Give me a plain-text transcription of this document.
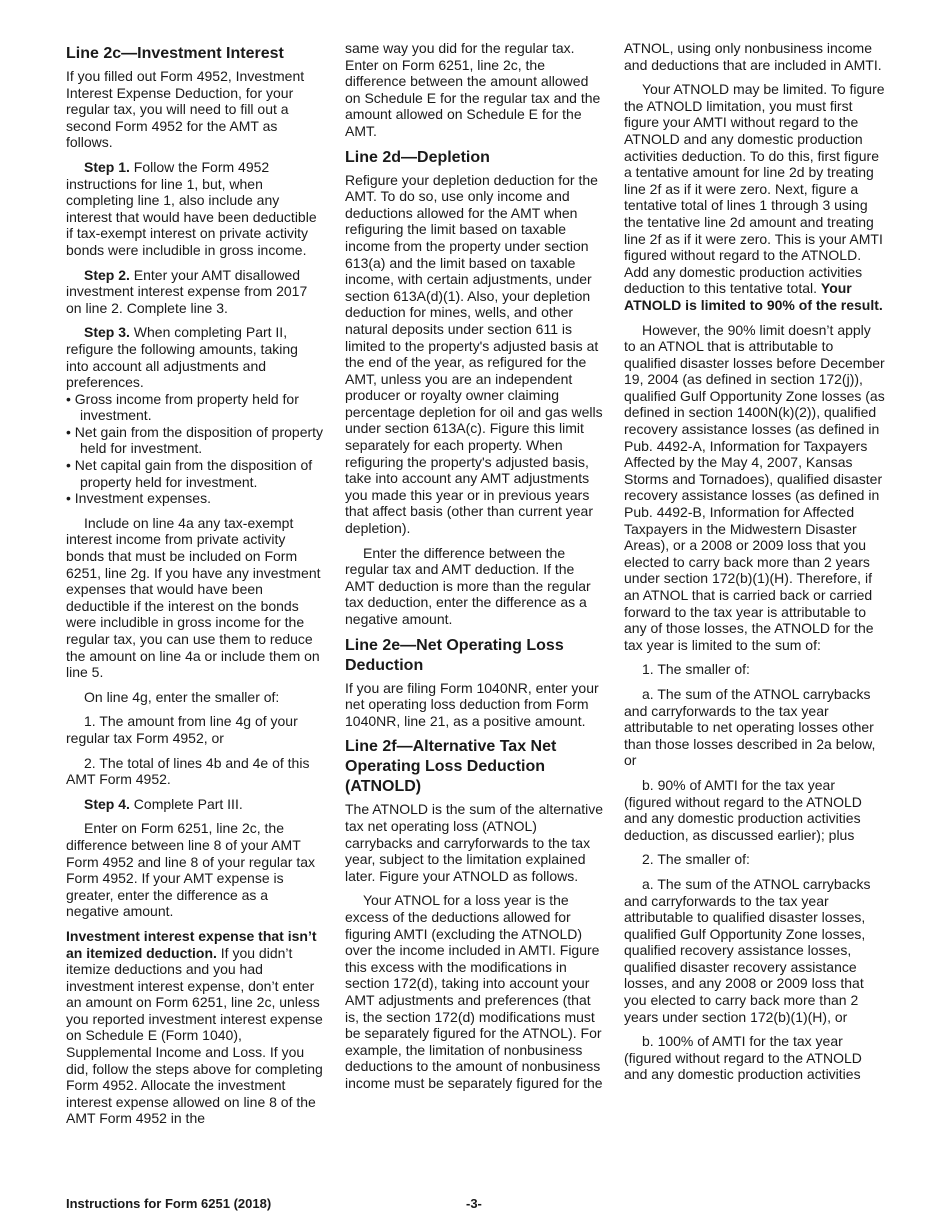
Line 2c—Investment Interest

If you filled out Form 4952, Investment Interest Expense Deduction, for your regular tax, you will need to fill out a second Form 4952 for the AMT as follows.

Step 1. Follow the Form 4952 instructions for line 1, but, when completing line 1, also include any interest that would have been deductible if tax-exempt interest on private activity bonds were includible in gross income.

Step 2. Enter your AMT disallowed investment interest expense from 2017 on line 2. Complete line 3.

Step 3. When completing Part II, refigure the following amounts, taking into account all adjustments and preferences.

• Gross income from property held for investment.
• Net gain from the disposition of property held for investment.
• Net capital gain from the disposition of property held for investment.
• Investment expenses.

Include on line 4a any tax-exempt interest income from private activity bonds that must be included on Form 6251, line 2g. If you have any investment expenses that would have been deductible if the interest on the bonds were includible in gross income for the regular tax, you can use them to reduce the amount on line 4a or include them on line 5.

On line 4g, enter the smaller of:

1. The amount from line 4g of your regular tax Form 4952, or

2. The total of lines 4b and 4e of this AMT Form 4952.

Step 4. Complete Part III.

Enter on Form 6251, line 2c, the difference between line 8 of your AMT Form 4952 and line 8 of your regular tax Form 4952. If your AMT expense is greater, enter the difference as a negative amount.

Investment interest expense that isn’t an itemized deduction. If you didn’t itemize deductions and you had investment interest expense, don’t enter an amount on Form 6251, line 2c, unless you reported investment interest expense on Schedule E (Form 1040), Supplemental Income and Loss. If you did, follow the steps above for completing Form 4952. Allocate the investment interest expense allowed on line 8 of the AMT Form 4952 in the

same way you did for the regular tax. Enter on Form 6251, line 2c, the difference between the amount allowed on Schedule E for the regular tax and the amount allowed on Schedule E for the AMT.

Line 2d—Depletion

Refigure your depletion deduction for the AMT. To do so, use only income and deductions allowed for the AMT when refiguring the limit based on taxable income from the property under section 613(a) and the limit based on taxable income, with certain adjustments, under section 613A(d)(1). Also, your depletion deduction for mines, wells, and other natural deposits under section 611 is limited to the property's adjusted basis at the end of the year, as refigured for the AMT, unless you are an independent producer or royalty owner claiming percentage depletion for oil and gas wells under section 613A(c). Figure this limit separately for each property. When refiguring the property's adjusted basis, take into account any AMT adjustments you made this year or in previous years that affect basis (other than current year depletion).

Enter the difference between the regular tax and AMT deduction. If the AMT deduction is more than the regular tax deduction, enter the difference as a negative amount.

Line 2e—Net Operating Loss Deduction

If you are filing Form 1040NR, enter your net operating loss deduction from Form 1040NR, line 21, as a positive amount.

Line 2f—Alternative Tax Net Operating Loss Deduction (ATNOLD)

The ATNOLD is the sum of the alternative tax net operating loss (ATNOL) carrybacks and carryforwards to the tax year, subject to the limitation explained later. Figure your ATNOLD as follows.

Your ATNOL for a loss year is the excess of the deductions allowed for figuring AMTI (excluding the ATNOLD) over the income included in AMTI. Figure this excess with the modifications in section 172(d), taking into account your AMT adjustments and preferences (that is, the section 172(d) modifications must be separately figured for the ATNOL). For example, the limitation of nonbusiness deductions to the amount of nonbusiness income must be separately figured for the

ATNOL, using only nonbusiness income and deductions that are included in AMTI.

Your ATNOLD may be limited. To figure the ATNOLD limitation, you must first figure your AMTI without regard to the ATNOLD and any domestic production activities deduction. To do this, first figure a tentative amount for line 2d by treating line 2f as if it were zero. Next, figure a tentative total of lines 1 through 3 using the tentative line 2d amount and treating line 2f as if it were zero. This is your AMTI figured without regard to the ATNOLD. Add any domestic production activities deduction to this tentative total. Your ATNOLD is limited to 90% of the result.

However, the 90% limit doesn’t apply to an ATNOL that is attributable to qualified disaster losses before December 19, 2004 (as defined in section 172(j)), qualified Gulf Opportunity Zone losses (as defined in section 1400N(k)(2)), qualified recovery assistance losses (as defined in Pub. 4492-A, Information for Taxpayers Affected by the May 4, 2007, Kansas Storms and Tornadoes), qualified disaster recovery assistance losses (as defined in Pub. 4492-B, Information for Affected Taxpayers in the Midwestern Disaster Areas), or a 2008 or 2009 loss that you elected to carry back more than 2 years under section 172(b)(1)(H). Therefore, if an ATNOL that is carried back or carried forward to the tax year is attributable to any of those losses, the ATNOLD for the tax year is limited to the sum of:

1. The smaller of:

a. The sum of the ATNOL carrybacks and carryforwards to the tax year attributable to net operating losses other than those losses described in 2a below, or

b. 90% of AMTI for the tax year (figured without regard to the ATNOLD and any domestic production activities deduction, as discussed earlier); plus

2. The smaller of:

a. The sum of the ATNOL carrybacks and carryforwards to the tax year attributable to qualified disaster losses, qualified Gulf Opportunity Zone losses, qualified recovery assistance losses, qualified disaster recovery assistance losses, and any 2008 or 2009 loss that you elected to carry back more than 2 years under section 172(b)(1)(H), or

b. 100% of AMTI for the tax year (figured without regard to the ATNOLD and any domestic production activities

Instructions for Form 6251 (2018)	-3-
